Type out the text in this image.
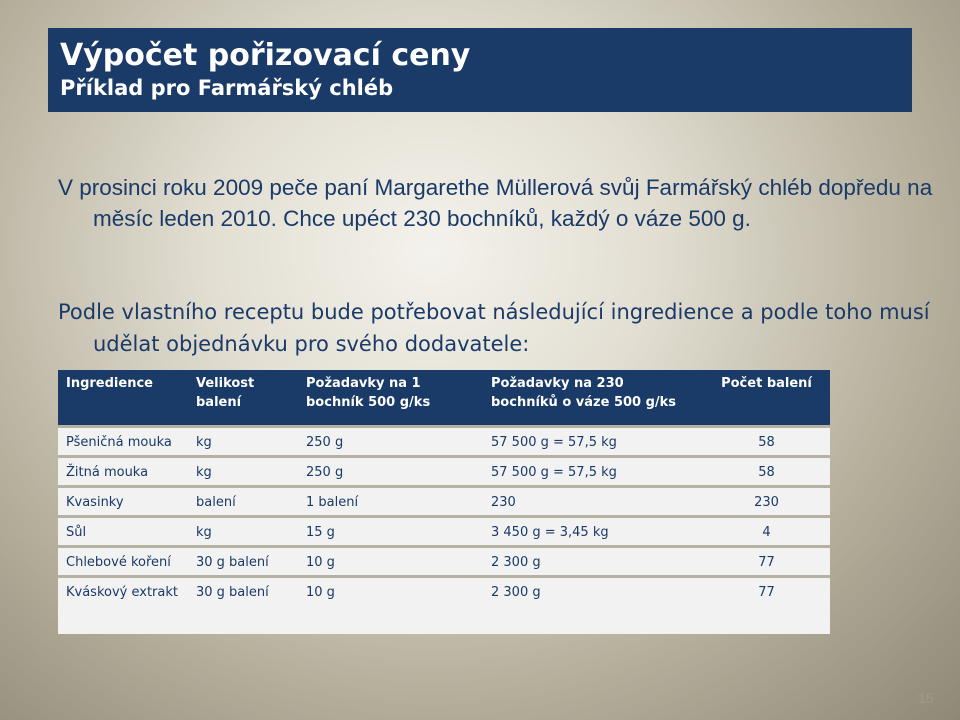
Výpočet pořizovací ceny
Příklad pro Farmářský chléb
V prosinci roku 2009 peče paní Margarethe Müllerová svůj Farmářský chléb dopředu na měsíc leden 2010. Chce upéct 230 bochníků, každý o váze 500 g.
Podle vlastního receptu bude potřebovat následující ingredience a podle toho musí udělat objednávku pro svého dodavatele:
Ingredience	Velikost balení	Požadavky na 1 bochník 500 g/ks	Požadavky na 230 bochníků o váze 500 g/ks	Počet balení
Pšeničná mouka	kg	250 g	57 500 g = 57,5 kg	58
Žitná mouka	kg	250 g	57 500 g = 57,5 kg	58
Kvasinky	balení	1 balení	230	230
Sůl	kg	15 g	3 450 g = 3,45 kg	4
Chlebové koření	30 g balení	10 g	2 300 g	77
Kváskový extrakt	30 g balení	10 g	2 300 g	77
15
